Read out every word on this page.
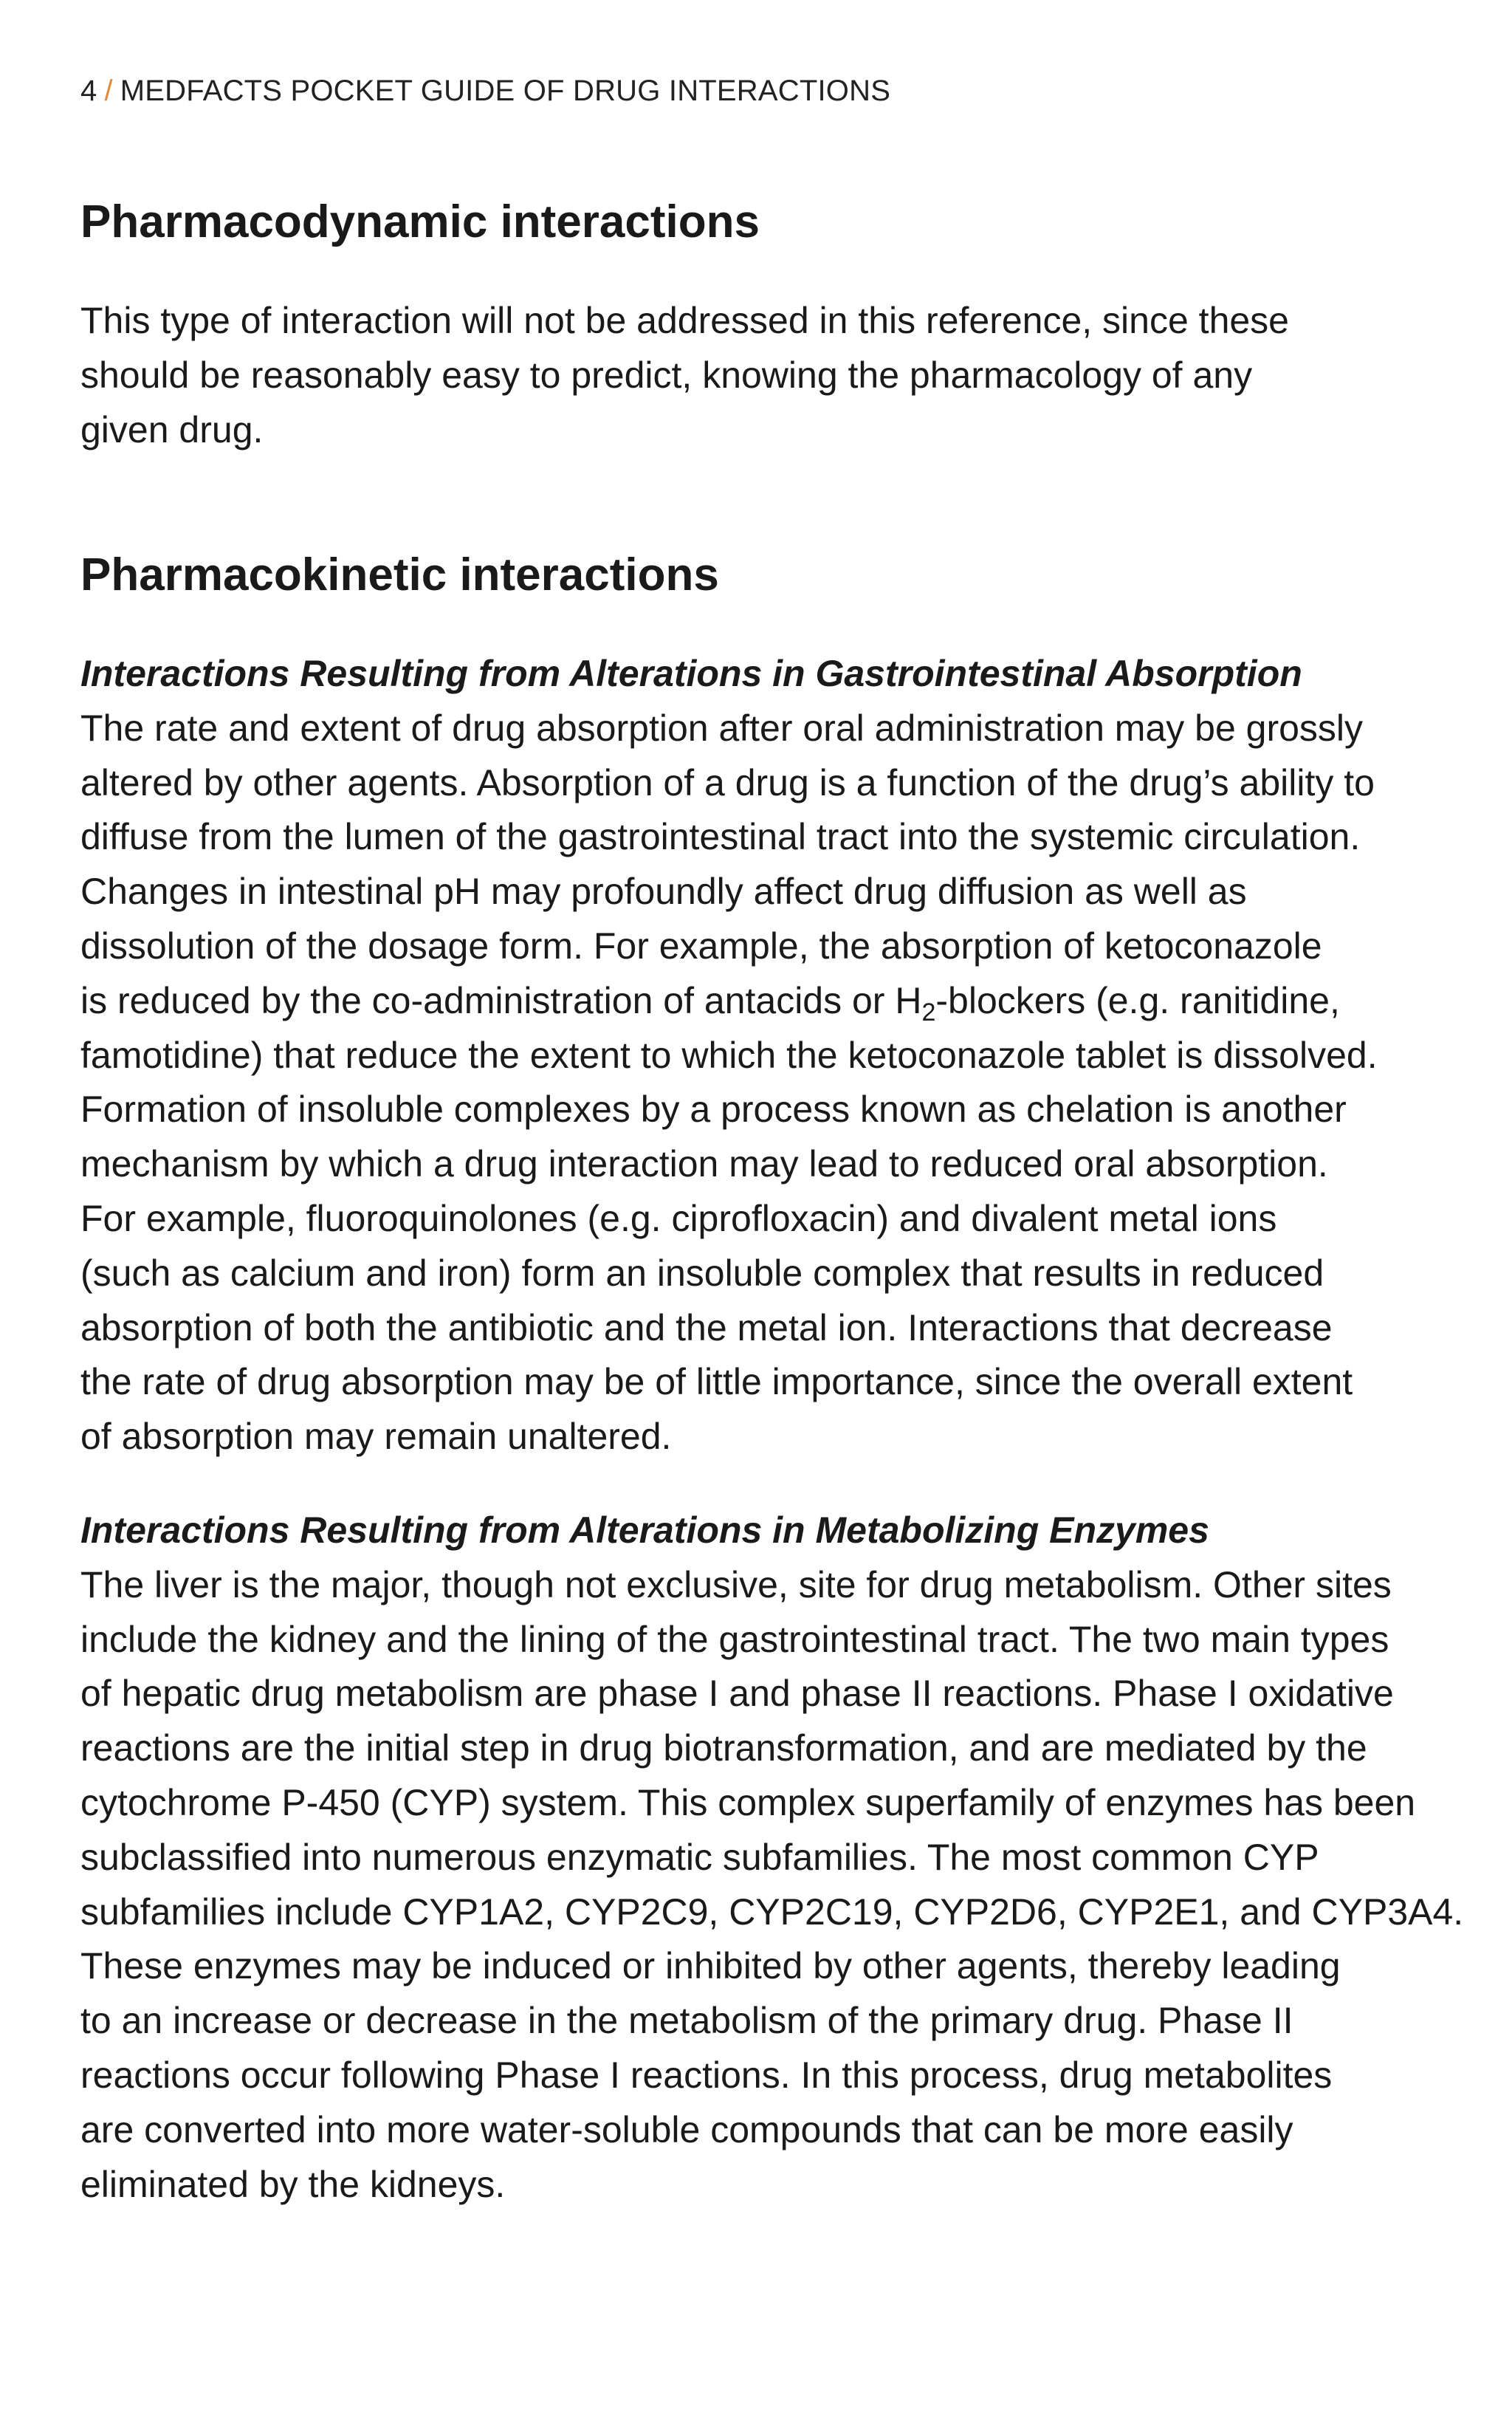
4 / MEDFACTS POCKET GUIDE OF DRUG INTERACTIONS
Pharmacodynamic interactions
This type of interaction will not be addressed in this reference, since these
should be reasonably easy to predict, knowing the pharmacology of any
given drug.
Pharmacokinetic interactions
Interactions Resulting from Alterations in Gastrointestinal Absorption
The rate and extent of drug absorption after oral administration may be grossly
altered by other agents. Absorption of a drug is a function of the drug’s ability to
diffuse from the lumen of the gastrointestinal tract into the systemic circulation.
Changes in intestinal pH may profoundly affect drug diffusion as well as
dissolution of the dosage form. For example, the absorption of ketoconazole
is reduced by the co-administration of antacids or $H_2$-blockers (e.g. ranitidine,
famotidine) that reduce the extent to which the ketoconazole tablet is dissolved.
Formation of insoluble complexes by a process known as chelation is another
mechanism by which a drug interaction may lead to reduced oral absorption.
For example, fluoroquinolones (e.g. ciprofloxacin) and divalent metal ions
(such as calcium and iron) form an insoluble complex that results in reduced
absorption of both the antibiotic and the metal ion. Interactions that decrease
the rate of drug absorption may be of little importance, since the overall extent
of absorption may remain unaltered.
Interactions Resulting from Alterations in Metabolizing Enzymes
The liver is the major, though not exclusive, site for drug metabolism. Other sites
include the kidney and the lining of the gastrointestinal tract. The two main types
of hepatic drug metabolism are phase I and phase II reactions. Phase I oxidative
reactions are the initial step in drug biotransformation, and are mediated by the
cytochrome P-450 (CYP) system. This complex superfamily of enzymes has been
subclassified into numerous enzymatic subfamilies. The most common CYP
subfamilies include CYP1A2, CYP2C9, CYP2C19, CYP2D6, CYP2E1, and CYP3A4.
These enzymes may be induced or inhibited by other agents, thereby leading
to an increase or decrease in the metabolism of the primary drug. Phase II
reactions occur following Phase I reactions. In this process, drug metabolites
are converted into more water-soluble compounds that can be more easily
eliminated by the kidneys.
